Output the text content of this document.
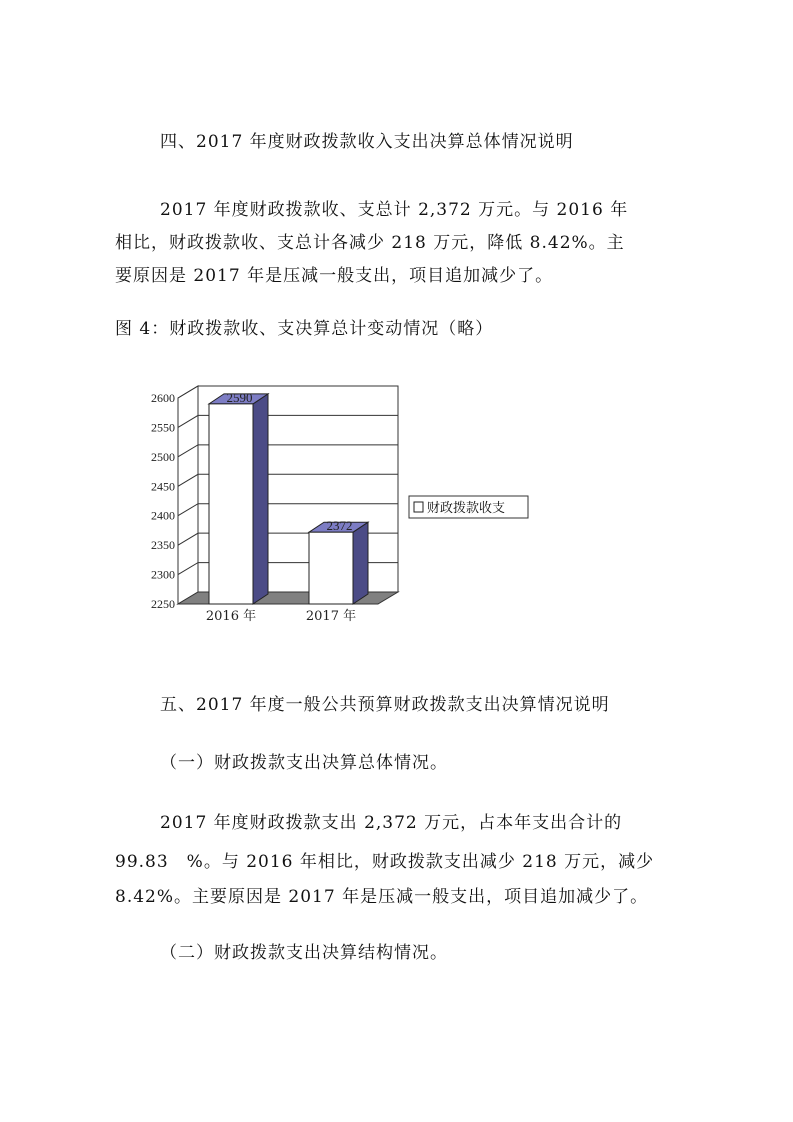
四、2017 年度财政拨款收入支出决算总体情况说明
2017 年度财政拨款收、支总计 2,372 万元。与 2016 年
相比，财政拨款收、支总计各减少 218 万元，降低 8.42%。主
要原因是 2017 年是压减一般支出，项目追加减少了。
图 4：财政拨款收、支决算总计变动情况（略）
2600
2550
2500
2450
2400
2350
2300
2250
2590
2372
2016 年	2017 年
财政拨款收支
五、2017 年度一般公共预算财政拨款支出决算情况说明
（一）财政拨款支出决算总体情况。
2017 年度财政拨款支出 2,372 万元，占本年支出合计的
99.83　%。与 2016 年相比，财政拨款支出减少 218 万元，减少
8.42%。主要原因是 2017 年是压减一般支出，项目追加减少了。
（二）财政拨款支出决算结构情况。
